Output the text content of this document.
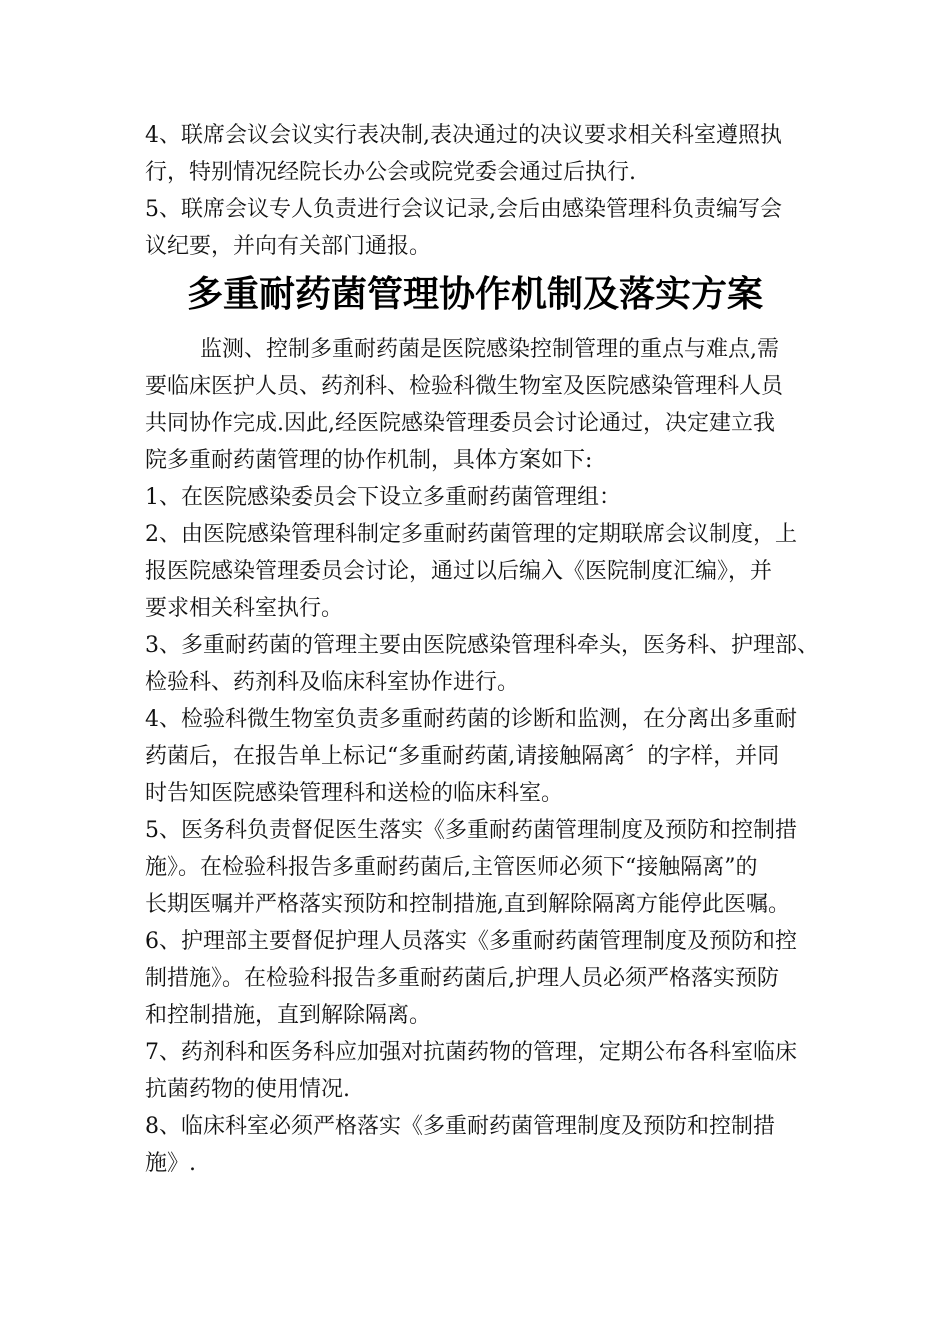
4、联席会议会议实行表决制,表决通过的决议要求相关科室遵照执
行，特别情况经院长办公会或院党委会通过后执行.
5、联席会议专人负责进行会议记录,会后由感染管理科负责编写会
议纪要，并向有关部门通报。
多重耐药菌管理协作机制及落实方案
监测、控制多重耐药菌是医院感染控制管理的重点与难点,需
要临床医护人员、药剂科、检验科微生物室及医院感染管理科人员
共同协作完成.因此,经医院感染管理委员会讨论通过，决定建立我
院多重耐药菌管理的协作机制，具体方案如下:
1、在医院感染委员会下设立多重耐药菌管理组：
2、由医院感染管理科制定多重耐药菌管理的定期联席会议制度，上
报医院感染管理委员会讨论，通过以后编入《医院制度汇编》，并
要求相关科室执行。
3、多重耐药菌的管理主要由医院感染管理科牵头，医务科、护理部、
检验科、药剂科及临床科室协作进行。
4、检验科微生物室负责多重耐药菌的诊断和监测，在分离出多重耐
药菌后，在报告单上标记“多重耐药菌,请接触隔离〞的字样，并同
时告知医院感染管理科和送检的临床科室。
5、医务科负责督促医生落实《多重耐药菌管理制度及预防和控制措
施》。在检验科报告多重耐药菌后,主管医师必须下“接触隔离”的
长期医嘱并严格落实预防和控制措施,直到解除隔离方能停此医嘱。
6、护理部主要督促护理人员落实《多重耐药菌管理制度及预防和控
制措施》。在检验科报告多重耐药菌后,护理人员必须严格落实预防
和控制措施，直到解除隔离。
7、药剂科和医务科应加强对抗菌药物的管理，定期公布各科室临床
抗菌药物的使用情况.
8、临床科室必须严格落实《多重耐药菌管理制度及预防和控制措
施》.
